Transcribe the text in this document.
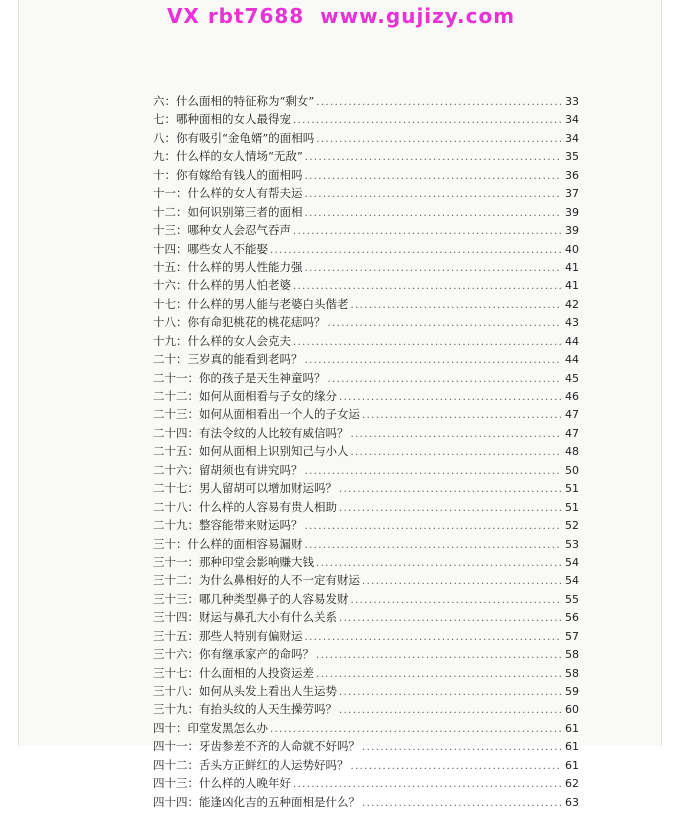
VX rbt7688  www.gujizy.com
六： 什么面相的特征称为“剩女” .....	33
七： 哪种面相的女人最得宠 .....	34
八： 你有吸引“金龟婿”的面相吗 .....	34
九： 什么样的女人情场“无敌” .....	35
十： 你有嫁给有钱人的面相吗 .....	36
十一： 什么样的女人有帮夫运 .....	37
十二： 如何识别第三者的面相 .....	39
十三： 哪种女人会忍气吞声 .....	39
十四： 哪些女人不能娶 .....	40
十五： 什么样的男人性能力强 .....	41
十六： 什么样的男人怕老婆 .....	41
十七： 什么样的男人能与老婆白头偕老 .....	42
十八： 你有命犯桃花的桃花痣吗？ .....	43
十九： 什么样的女人会克夫 .....	44
二十： 三岁真的能看到老吗？ .....	44
二十一： 你的孩子是天生神童吗？ .....	45
二十二： 如何从面相看与子女的缘分 .....	46
二十三： 如何从面相看出一个人的子女运 .....	47
二十四： 有法令纹的人比较有威信吗？ .....	47
二十五： 如何从面相上识别知己与小人 .....	48
二十六： 留胡须也有讲究吗？ .....	50
二十七： 男人留胡可以增加财运吗？ .....	51
二十八： 什么样的人容易有贵人相助 .....	51
二十九： 整容能带来财运吗？ .....	52
三十： 什么样的面相容易漏财 .....	53
三十一： 那种印堂会影响赚大钱 .....	54
三十二： 为什么鼻相好的人不一定有财运 .....	54
三十三： 哪几种类型鼻子的人容易发财 .....	55
三十四： 财运与鼻孔大小有什么关系 .....	56
三十五： 那些人特别有偏财运 .....	57
三十六： 你有继承家产的命吗？ .....	58
三十七： 什么面相的人投资运差 .....	58
三十八： 如何从头发上看出人生运势 .....	59
三十九： 有抬头纹的人天生操劳吗？ .....	60
四十： 印堂发黑怎么办 .....	61
四十一： 牙齿参差不齐的人命就不好吗？ .....	61
四十二： 舌头方正鲜红的人运势好吗？ .....	61
四十三： 什么样的人晚年好 .....	62
四十四： 能逢凶化吉的五种面相是什么？ .....	63
